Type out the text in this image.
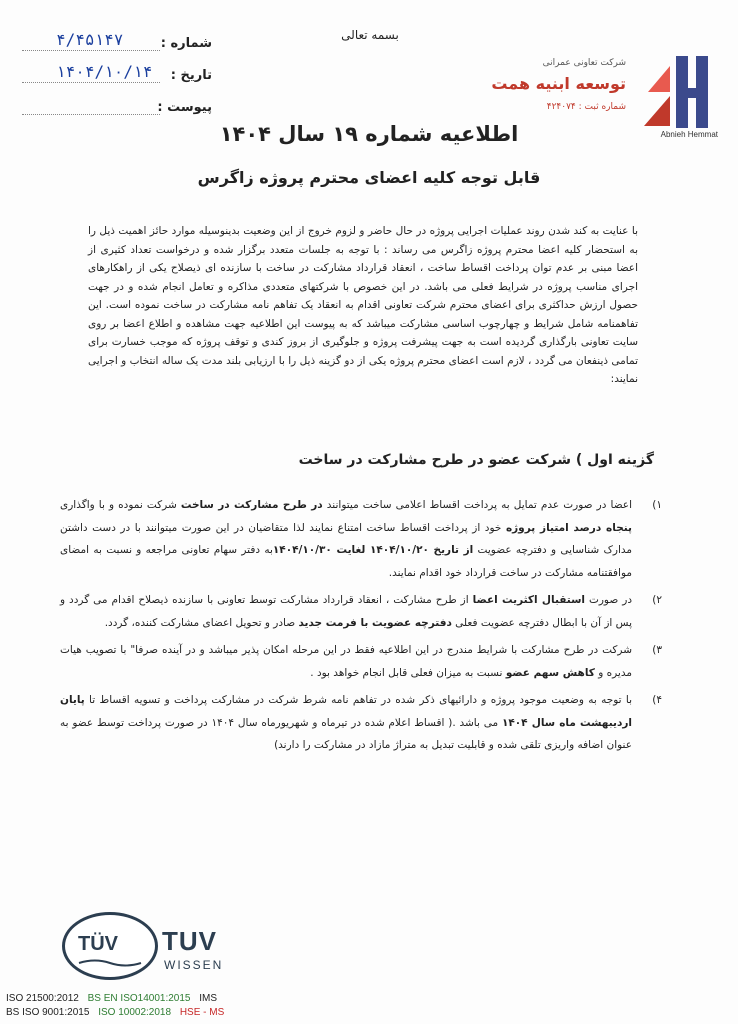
بسمه تعالی
شماره :
۴/۴۵۱۴۷
تاریخ :
۱۴۰۴/۱۰/۱۴
پیوست :
Abnieh Hemmat
شرکت تعاونی عمرانی
توسعه ابنیه همت
شماره ثبت : ۴۲۴۰۷۴
اطلاعیه شماره ۱۹ سال ۱۴۰۴
قابل توجه کلیه اعضای محترم پروژه زاگرس

با عنایت به کند شدن روند عملیات اجرایی پروژه در حال حاضر و لزوم خروج از این وضعیت بدینوسیله موارد حائز اهمیت ذیل را به استحضار کلیه اعضا محترم پروژه زاگرس می رساند : با توجه به جلسات متعدد برگزار شده و درخواست تعداد کثیری از اعضا مبنی بر عدم توان پرداخت اقساط ساخت ، انعقاد قرارداد مشارکت در ساخت با سازنده ای ذیصلاح یکی از راهکارهای اجرای مناسب پروژه در شرایط فعلی می باشد. در این خصوص با شرکتهای متعددی مذاکره و تعامل انجام شده و در جهت حصول ارزش حداکثری برای اعضای محترم شرکت تعاونی اقدام به انعقاد یک تفاهم نامه مشارکت در ساخت نموده است. این تفاهمنامه شامل شرایط و چهارچوب اساسی مشارکت میباشد که به پیوست این اطلاعیه جهت مشاهده و اطلاع اعضا بر روی سایت تعاونی بارگذاری گردیده است به جهت پیشرفت پروژه و جلوگیری از بروز کندی و توقف پروژه که موجب خسارت برای تمامی ذینفعان می گردد ، لازم است اعضای محترم پروژه یکی از دو گزینه ذیل را با ارزیابی بلند مدت یک ساله انتخاب و اجرایی نمایند:

گزینه اول ) شرکت عضو در طرح مشارکت در ساخت
۱)
اعضا در صورت عدم تمایل به پرداخت اقساط اعلامی ساخت میتوانند در طرح مشارکت در ساخت شرکت نموده و با واگذاری پنجاه درصد امتیاز پروژه خود از پرداخت اقساط ساخت امتناع نمایند لذا متقاضیان در این صورت میتوانند با در دست داشتن مدارک شناسایی و دفترچه عضویت از تاریخ ۱۴۰۴/۱۰/۲۰ لغایت ۱۴۰۴/۱۰/۳۰به دفتر سهام تعاونی مراجعه و نسبت به امضای موافقتنامه مشارکت در ساخت قرارداد خود اقدام نمایند.
۲)
در صورت استقبال اکثریت اعضا از طرح مشارکت ، انعقاد قرارداد مشارکت توسط تعاونی با سازنده ذیصلاح اقدام می گردد و پس از آن با ابطال دفترچه عضویت فعلی دفترچه عضویت با فرمت جدید صادر و تحویل اعضای مشارکت کننده، گردد.
۳)
شرکت در طرح مشارکت با شرایط مندرج در این اطلاعیه فقط در این مرحله امکان پذیر میباشد و در آینده صرفا" با تصویب هیات مدیره و کاهش سهم عضو نسبت به میزان فعلی قابل انجام خواهد بود .
۴)
با توجه به وضعیت موجود پروژه و دارائیهای ذکر شده در تفاهم نامه شرط شرکت در مشارکت پرداخت و تسویه اقساط تا پایان اردیبهشت ماه سال ۱۴۰۴ می باشد .( اقساط اعلام شده در تیرماه و شهریورماه سال ۱۴۰۴ در صورت پرداخت توسط عضو به عنوان اضافه واریزی تلقی شده و قابلیت تبدیل به متراژ مازاد در مشارکت را دارند)
TÜV TUV
WISSEN
ISO 21500:2012 BS EN ISO14001:2015 IMS
BS ISO 9001:2015 ISO 10002:2018 HSE - MS
